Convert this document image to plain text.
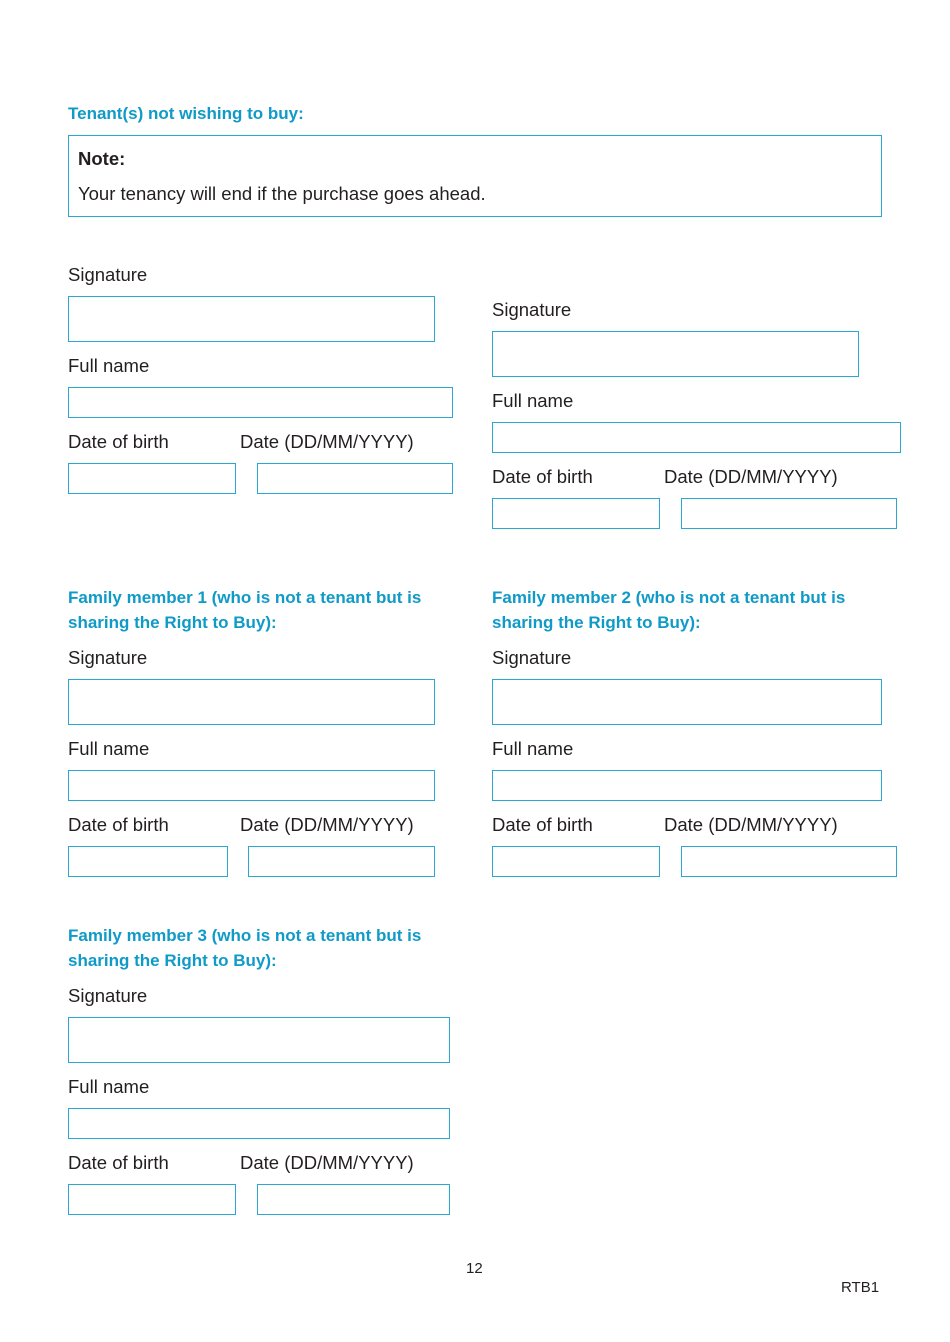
Tenant(s) not wishing to buy:
Note:
Your tenancy will end if the purchase goes ahead.
Signature
Full name
Date of birth	Date (DD/MM/YYYY)
Signature
Full name
Date of birth	Date (DD/MM/YYYY)
Family member 1 (who is not a tenant but is
sharing the Right to Buy):
Signature
Full name
Date of birth	Date (DD/MM/YYYY)
Family member 2 (who is not a tenant but is
sharing the Right to Buy):
Signature
Full name
Date of birth	Date (DD/MM/YYYY)
Family member 3 (who is not a tenant but is
sharing the Right to Buy):
Signature
Full name
Date of birth	Date (DD/MM/YYYY)
12
RTB1
